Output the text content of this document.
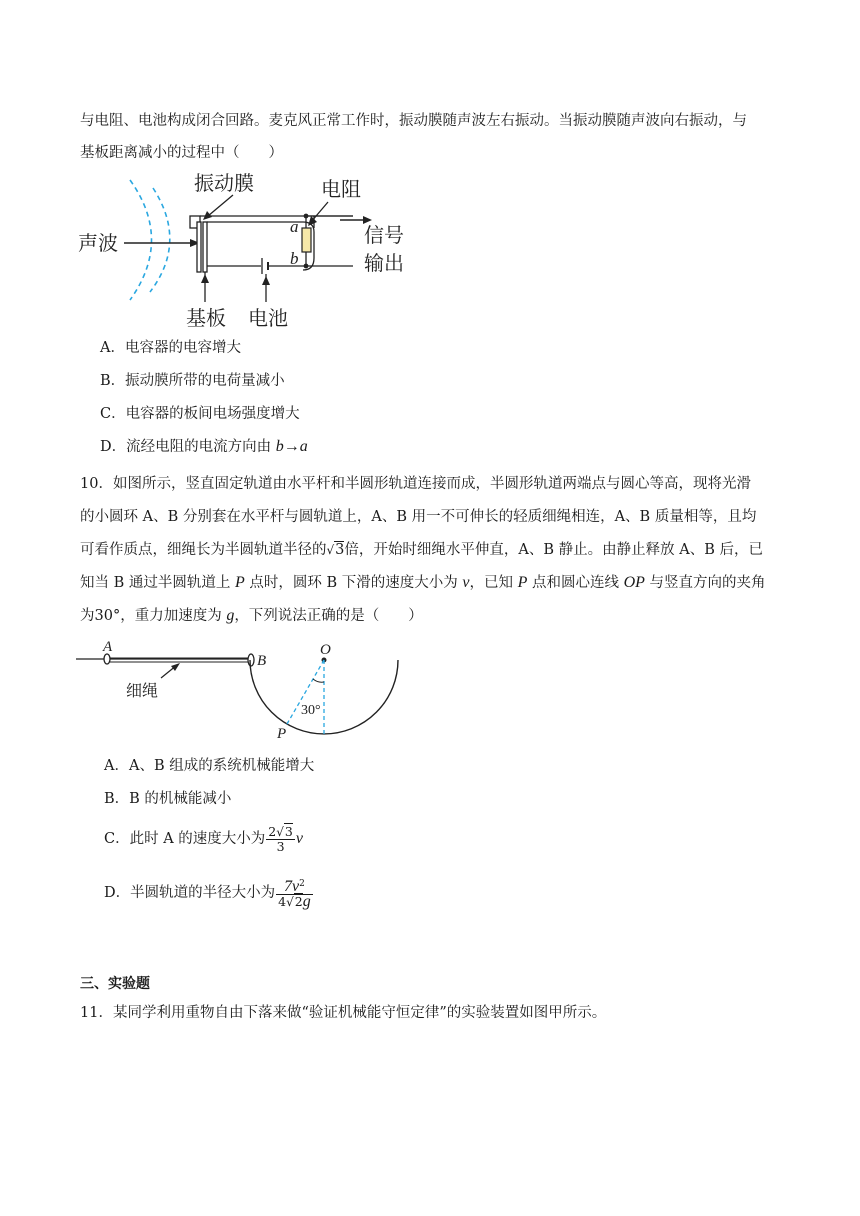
与电阻、电池构成闭合回路。麦克风正常工作时，振动膜随声波左右振动。当振动膜随声波向右振动，与
基板距离减小的过程中（　　）
声波
振动膜
a
b
电阻
信号
输出
基板 电池
A．电容器的电容增大
B．振动膜所带的电荷量减小
C．电容器的板间电场强度增大
D．流经电阻的电流方向由 b→a
10．如图所示，竖直固定轨道由水平杆和半圆形轨道连接而成，半圆形轨道两端点与圆心等高，现将光滑
的小圆环 A、B 分别套在水平杆与圆轨道上，A、B 用一不可伸长的轻质细绳相连，A、B 质量相等，且均
可看作质点，细绳长为半圆轨道半径的√3倍，开始时细绳水平伸直，A、B 静止。由静止释放 A、B 后，已
知当 B 通过半圆轨道上 P 点时，圆环 B 下滑的速度大小为 v，已知 P 点和圆心连线 OP 与竖直方向的夹角
为30°，重力加速度为 g，下列说法正确的是（　　）
A
B
O
30°
P
细绳
A．A、B 组成的系统机械能增大
B．B 的机械能减小
C．此时 A 的速度大小为 $\frac{2√3}{3}$ v
D．半圆轨道的半径大小为 $\frac{7v^2}{4√2g}$
三、实验题
11．某同学利用重物自由下落来做“验证机械能守恒定律”的实验装置如图甲所示。
